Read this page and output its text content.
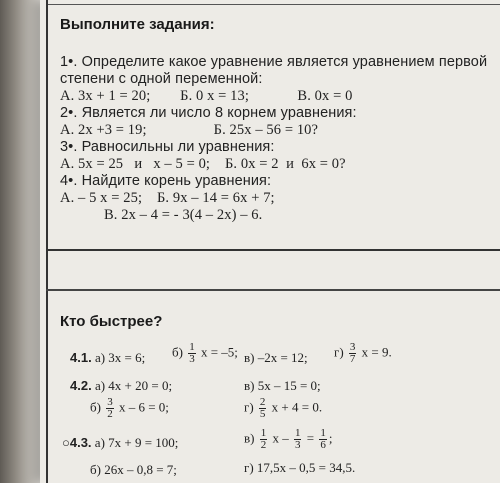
Выполните задания:
1•. Определите какое уравнение является уравнением первой
степени с одной переменной:
А. 3х + 1 = 20;        Б. 0 х = 13;             В. 0х = 0
2•. Является ли число 8 корнем уравнения:
А. 2х +3 = 19;                  Б. 25х – 56 = 10?
3•. Равносильны ли уравнения:
А. 5х = 25   и   х – 5 = 0;    Б. 0х = 2  и  6х = 0?
4•. Найдите корень уравнения:
А. – 5 х = 25;    Б. 9х – 14 = 6х + 7;
В. 2х – 4 = - 3(4 – 2х) – 6.
Кто быстрее?
4.1. а) 3x = 6; $б) \frac{1}{3}$ x = –5; в) –2x = 12; $г) \frac{3}{7}$ x = 9.
4.2. а) 4x + 20 = 0;	в) 5x – 15 = 0;
$б) \frac{3}{2}$ x – 6 = 0;	$г) \frac{2}{5}$ x + 4 = 0.
○4.3. а) 7x + 9 = 100;	$в) \frac{1}{2}$ $x - \frac{1}{3} = \frac{1}{6}$ ;
б) 26x – 0,8 = 7;	г) 17,5x – 0,5 = 34,5.
